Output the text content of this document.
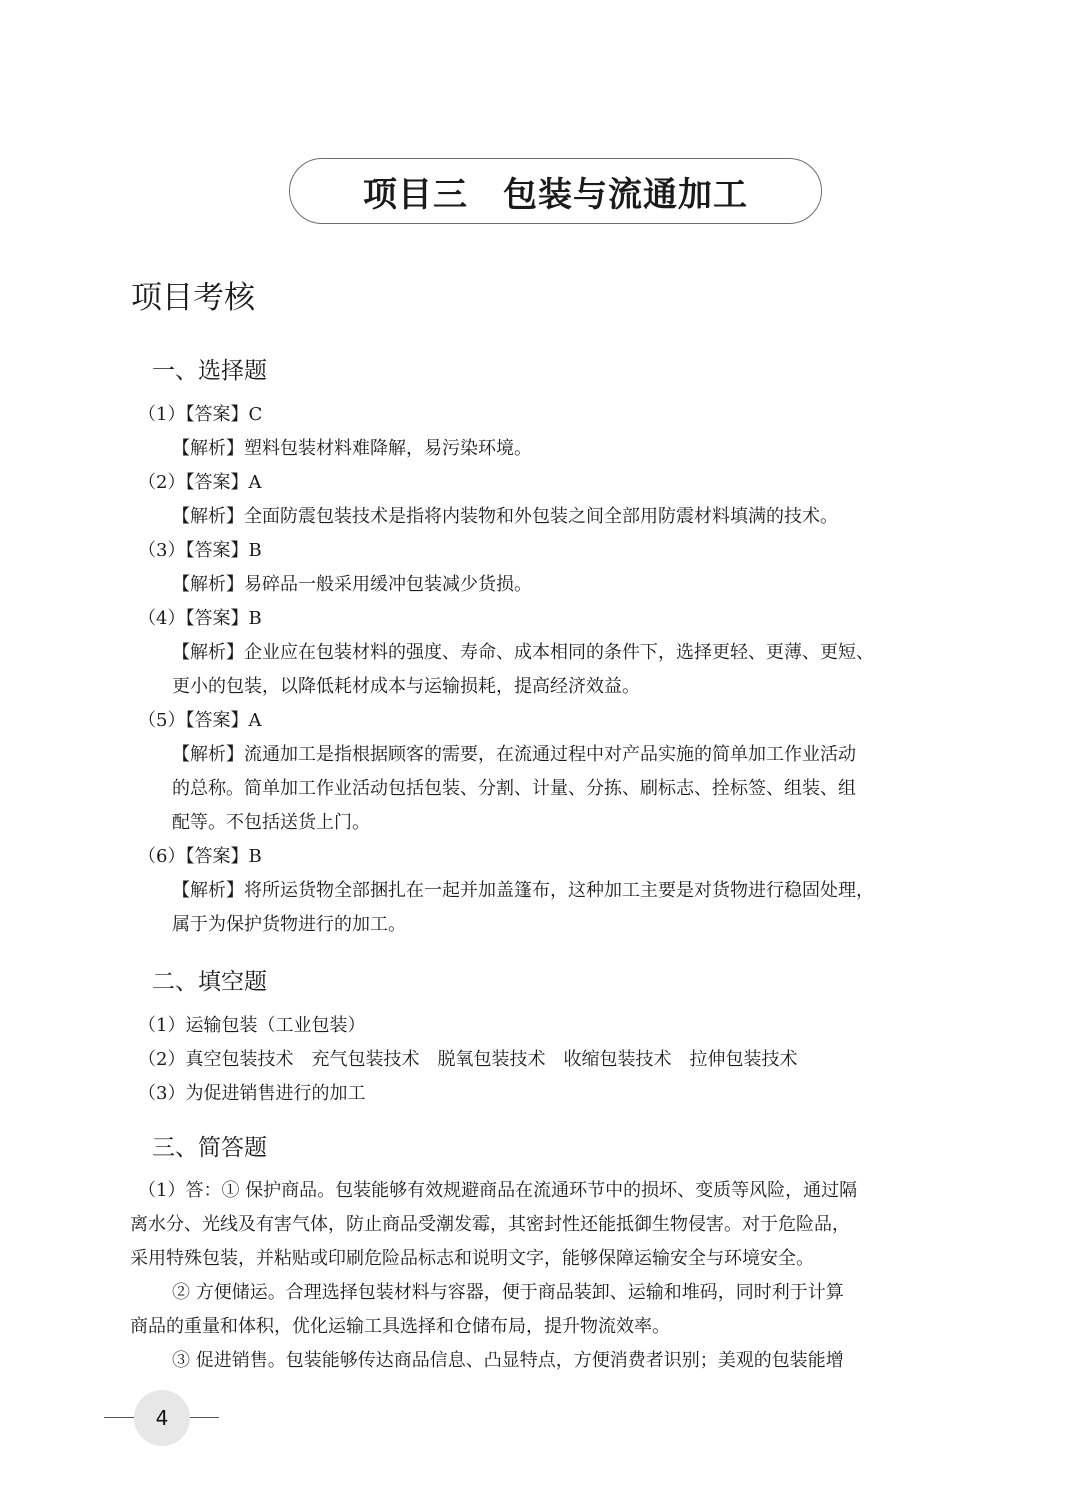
项目三　包装与流通加工
项目考核
一、选择题
（1）【答案】C
【解析】塑料包装材料难降解，易污染环境。
（2）【答案】A
【解析】全面防震包装技术是指将内装物和外包装之间全部用防震材料填满的技术。
（3）【答案】B
【解析】易碎品一般采用缓冲包装减少货损。
（4）【答案】B
【解析】企业应在包装材料的强度、寿命、成本相同的条件下，选择更轻、更薄、更短、
更小的包装，以降低耗材成本与运输损耗，提高经济效益。
（5）【答案】A
【解析】流通加工是指根据顾客的需要，在流通过程中对产品实施的简单加工作业活动
的总称。简单加工作业活动包括包装、分割、计量、分拣、刷标志、拴标签、组装、组
配等。不包括送货上门。
（6）【答案】B
【解析】将所运货物全部捆扎在一起并加盖篷布，这种加工主要是对货物进行稳固处理，
属于为保护货物进行的加工。
二、填空题
（1）运输包装（工业包装）
（2）真空包装技术　充气包装技术　脱氧包装技术　收缩包装技术　拉伸包装技术
（3）为促进销售进行的加工
三、简答题
（1）答：① 保护商品。包装能够有效规避商品在流通环节中的损坏、变质等风险，通过隔
离水分、光线及有害气体，防止商品受潮发霉，其密封性还能抵御生物侵害。对于危险品，
采用特殊包装，并粘贴或印刷危险品标志和说明文字，能够保障运输安全与环境安全。
② 方便储运。合理选择包装材料与容器，便于商品装卸、运输和堆码，同时利于计算
商品的重量和体积，优化运输工具选择和仓储布局，提升物流效率。
③ 促进销售。包装能够传达商品信息、凸显特点，方便消费者识别；美观的包装能增
4
